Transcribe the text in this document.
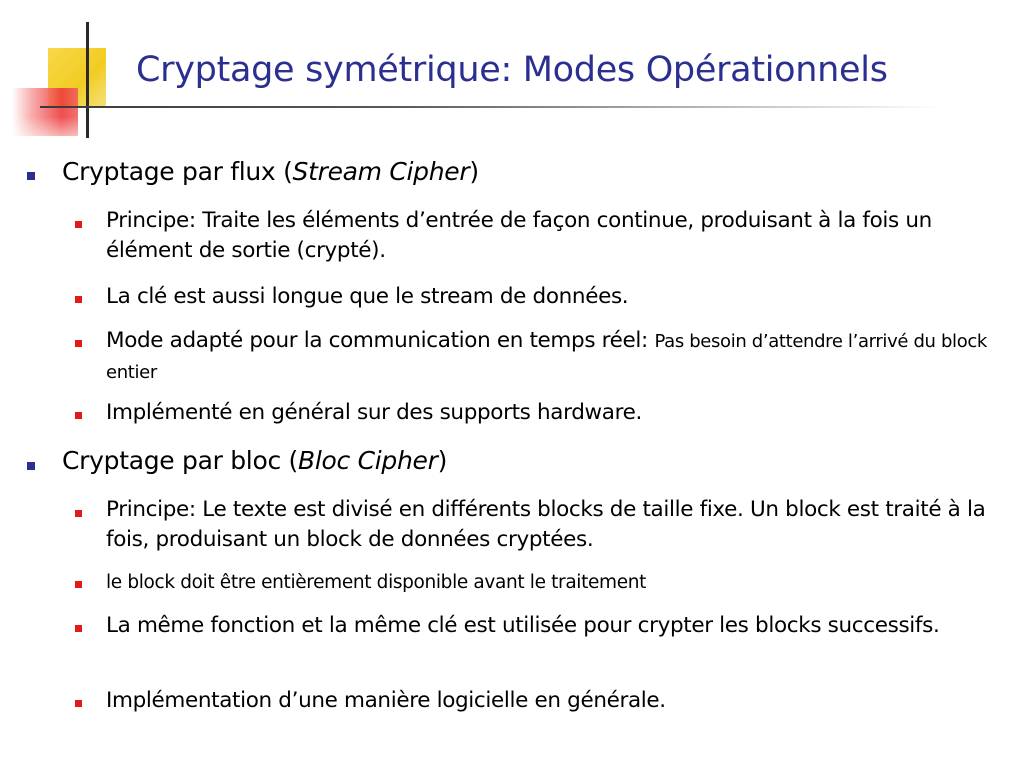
Cryptage symétrique: Modes Opérationnels
Cryptage par flux (Stream Cipher)
Principe: Traite les éléments d’entrée de façon continue, produisant à la fois un élément de sortie (crypté).
La clé est aussi longue que le stream de données.
Mode adapté pour la communication en temps réel: Pas besoin d’attendre l’arrivé du block entier
Implémenté en général sur des supports hardware.
Cryptage par bloc (Bloc Cipher)
Principe: Le texte est divisé en différents blocks de taille fixe. Un block est traité à la fois, produisant un block de données cryptées.
le block doit être entièrement disponible avant le traitement
La même fonction et la même clé est utilisée pour crypter les blocks successifs.
Implémentation d’une manière logicielle en générale.
